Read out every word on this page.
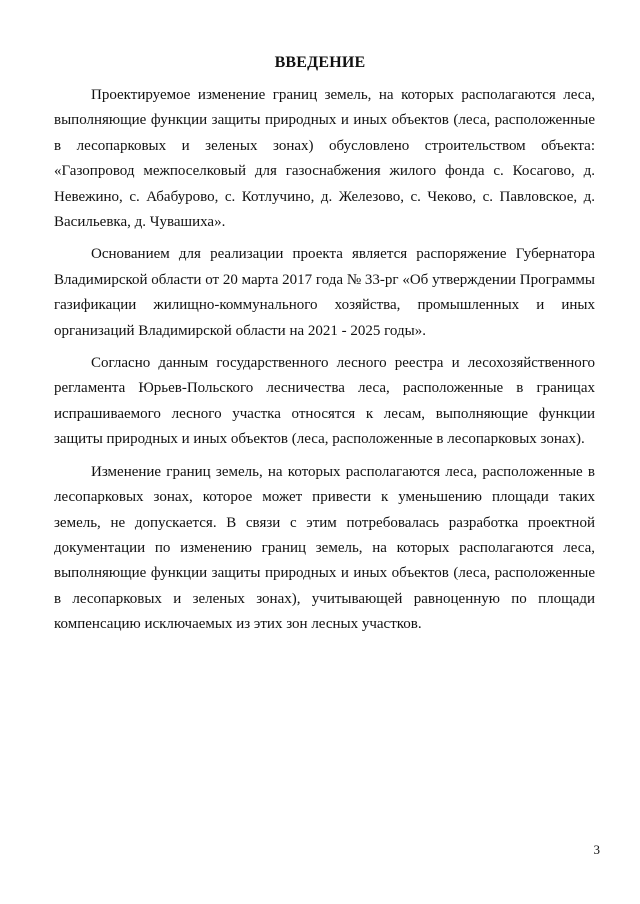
ВВЕДЕНИЕ

Проектируемое изменение границ земель, на которых располагаются леса, выполняющие функции защиты природных и иных объектов (леса, расположенные в лесопарковых и зеленых зонах) обусловлено строительством объекта: «Газопровод межпоселковый для газоснабжения жилого фонда с. Косагово, д. Невежино, с. Абабурово, с. Котлучино, д. Железово, с. Чеково, с. Павловское, д. Васильевка, д. Чувашиха».

Основанием для реализации проекта является распоряжение Губернатора Владимирской области от 20 марта 2017 года № 33-рг «Об утверждении Программы газификации жилищно-коммунального хозяйства, промышленных и иных организаций Владимирской области на 2021 - 2025 годы».

Согласно данным государственного лесного реестра и лесохозяйственного регламента Юрьев-Польского лесничества леса, расположенные в границах испрашиваемого лесного участка относятся к лесам, выполняющие функции защиты природных и иных объектов (леса, расположенные в лесопарковых зонах).

Изменение границ земель, на которых располагаются леса, расположенные в лесопарковых зонах, которое может привести к уменьшению площади таких земель, не допускается. В связи с этим потребовалась разработка проектной документации по изменению границ земель, на которых располагаются леса, выполняющие функции защиты природных и иных объектов (леса, расположенные в лесопарковых и зеленых зонах), учитывающей равноценную по площади компенсацию исключаемых из этих зон лесных участков.

3
